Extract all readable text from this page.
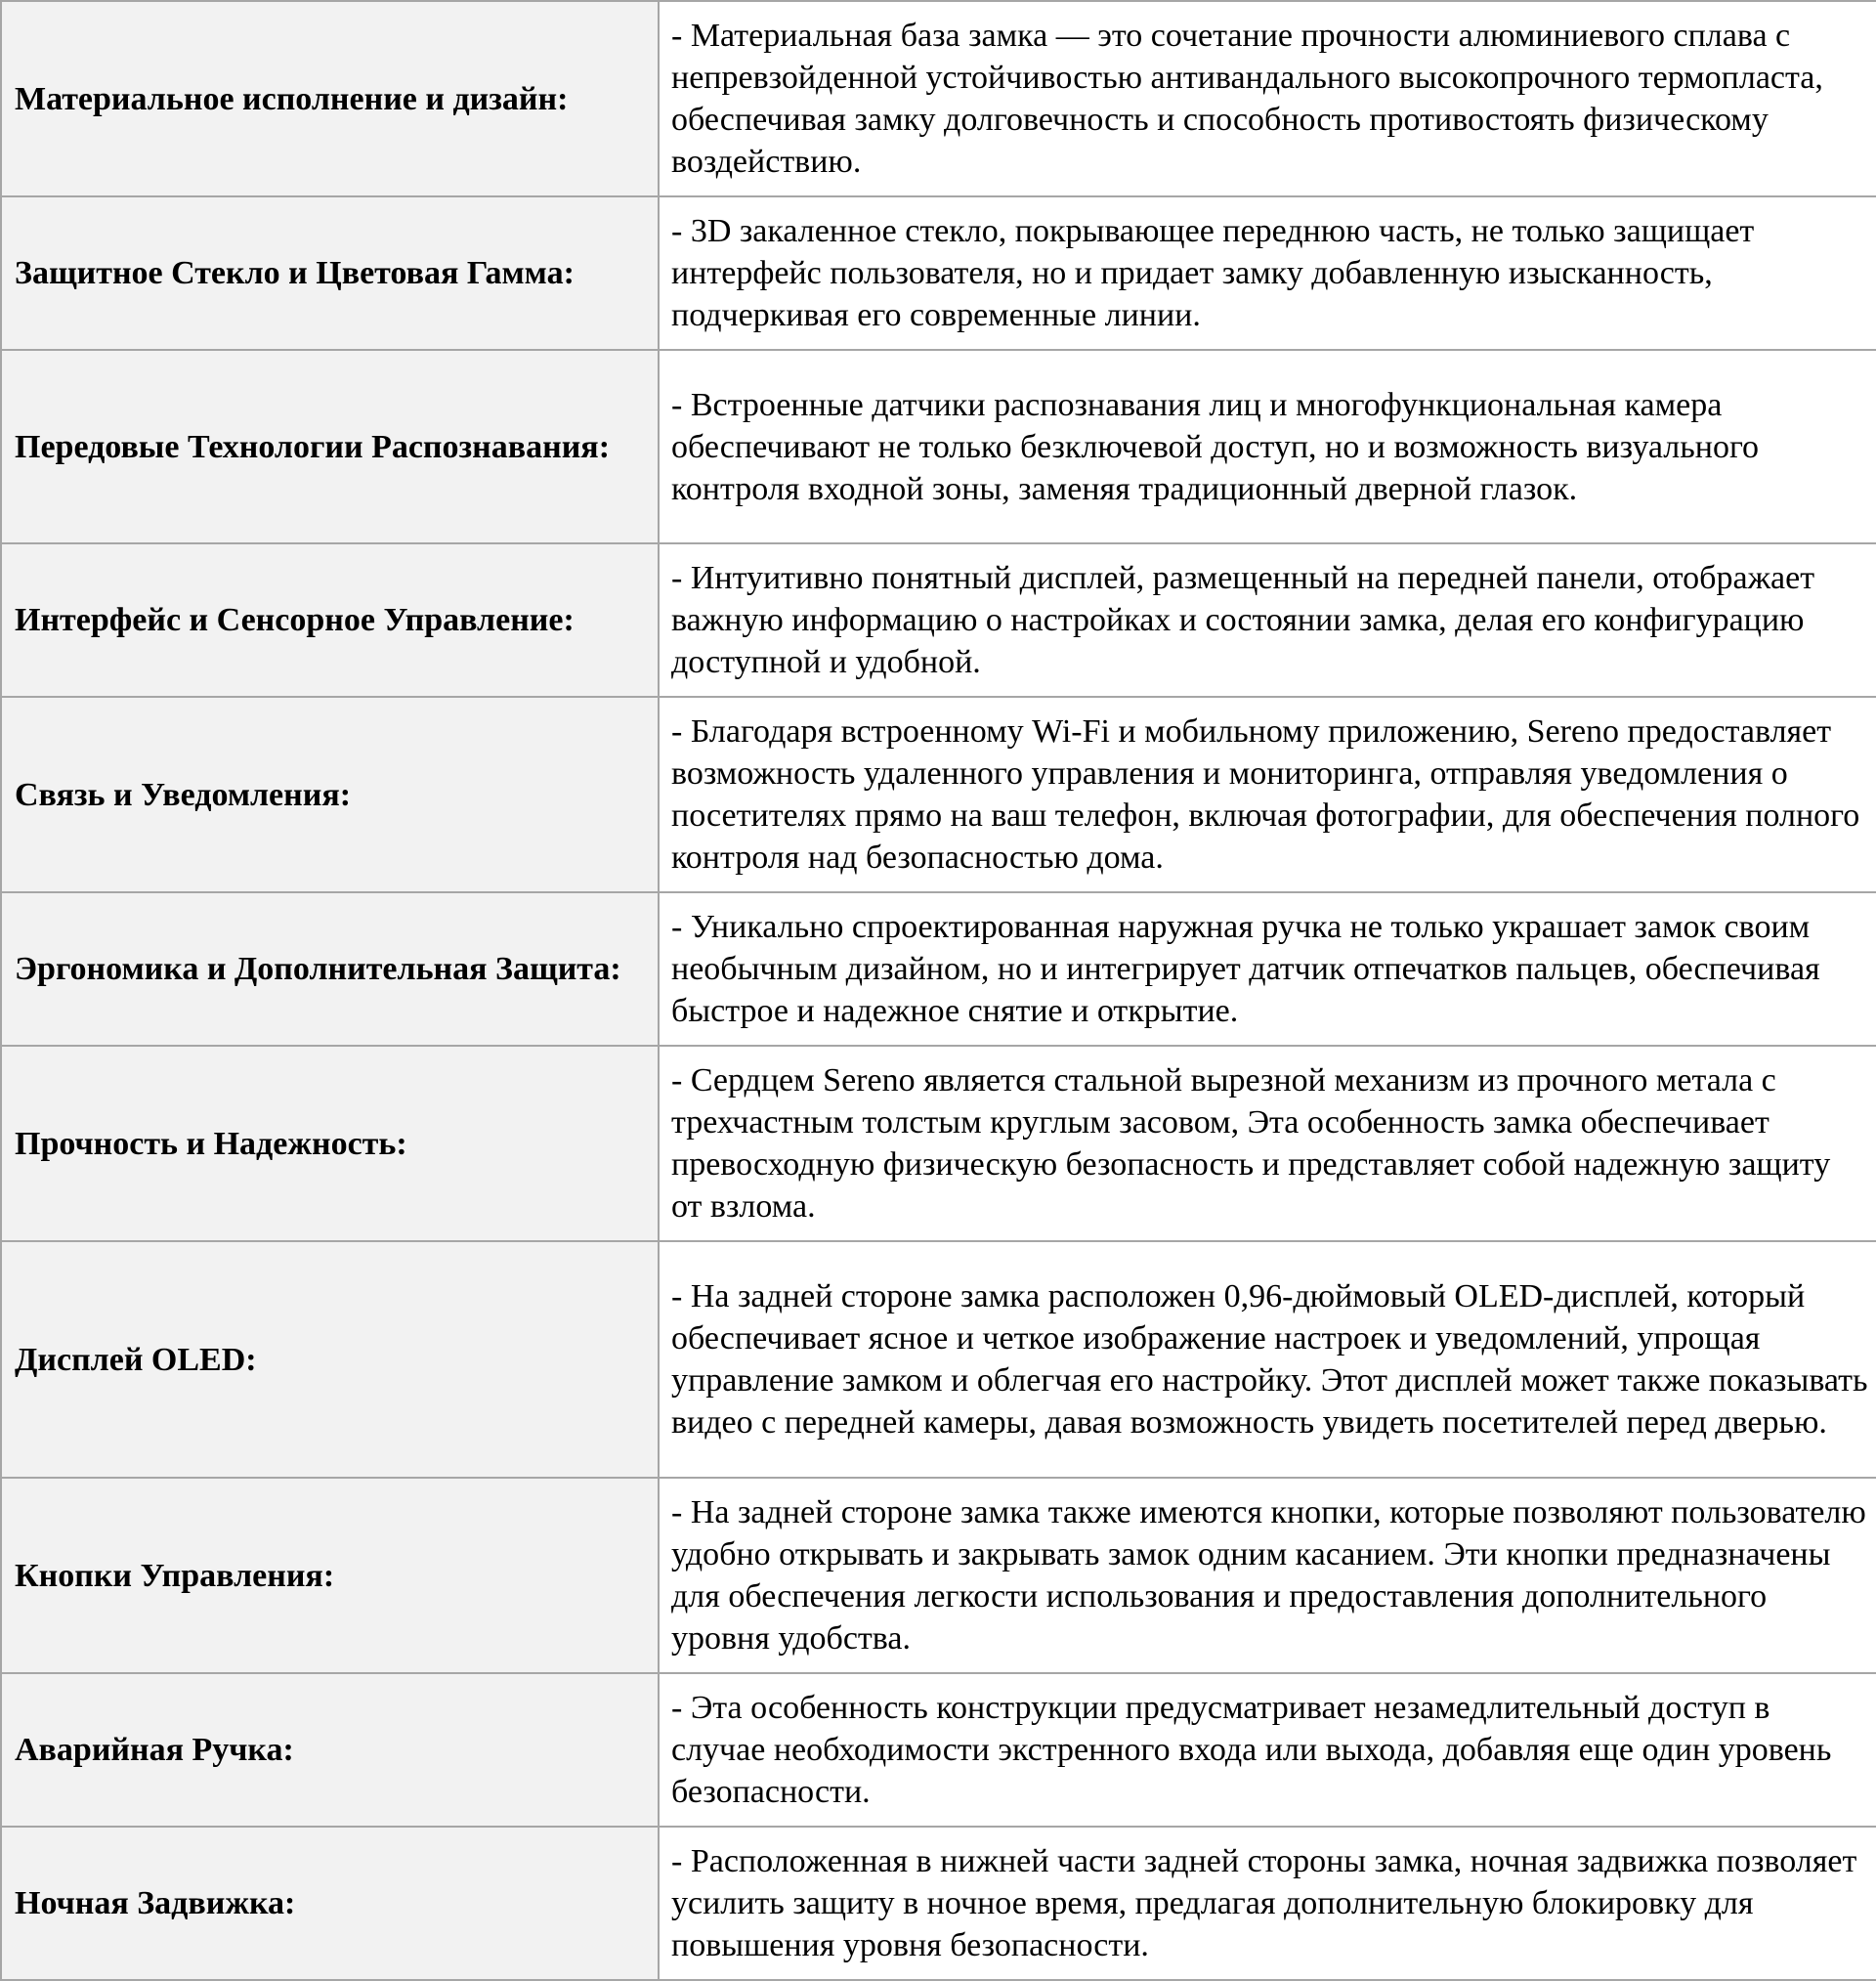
Материальное исполнение и дизайн:	- Материальная база замка — это сочетание прочности алюминиевого сплава с непревзойденной устойчивостью антивандального высокопрочного термопласта, обеспечивая замку долговечность и способность противостоять физическому воздействию.
Защитное Стекло и Цветовая Гамма:	- 3D закаленное стекло, покрывающее переднюю часть, не только защищает интерфейс пользователя, но и придает замку добавленную изысканность, подчеркивая его современные линии.
Передовые Технологии Распознавания:	- Встроенные датчики распознавания лиц и многофункциональная камера обеспечивают не только безключевой доступ, но и возможность визуального контроля входной зоны, заменяя традиционный дверной глазок.
Интерфейс и Сенсорное Управление:	- Интуитивно понятный дисплей, размещенный на передней панели, отображает важную информацию о настройках и состоянии замка, делая его конфигурацию доступной и удобной.
Связь и Уведомления:	- Благодаря встроенному Wi-Fi и мобильному приложению, Sereno предоставляет возможность удаленного управления и мониторинга, отправляя уведомления о посетителях прямо на ваш телефон, включая фотографии, для обеспечения полного контроля над безопасностью дома.
Эргономика и Дополнительная Защита:	- Уникально спроектированная наружная ручка не только украшает замок своим необычным дизайном, но и интегрирует датчик отпечатков пальцев, обеспечивая быстрое и надежное снятие и открытие.
Прочность и Надежность:	- Сердцем Sereno является стальной вырезной механизм из прочного метала с трехчастным толстым круглым засовом, Эта особенность замка обеспечивает превосходную физическую безопасность и представляет собой надежную защиту от взлома.
Дисплей OLED:	- На задней стороне замка расположен 0,96-дюймовый OLED-дисплей, который обеспечивает ясное и четкое изображение настроек и уведомлений, упрощая управление замком и облегчая его настройку. Этот дисплей может также показывать видео с передней камеры, давая возможность увидеть посетителей перед дверью.
Кнопки Управления:	- На задней стороне замка также имеются кнопки, которые позволяют пользователю удобно открывать и закрывать замок одним касанием. Эти кнопки предназначены для обеспечения легкости использования и предоставления дополнительного уровня удобства.
Аварийная Ручка:	- Эта особенность конструкции предусматривает незамедлительный доступ в случае необходимости экстренного входа или выхода, добавляя еще один уровень безопасности.
Ночная Задвижка:	- Расположенная в нижней части задней стороны замка, ночная задвижка позволяет усилить защиту в ночное время, предлагая дополнительную блокировку для повышения уровня безопасности.
